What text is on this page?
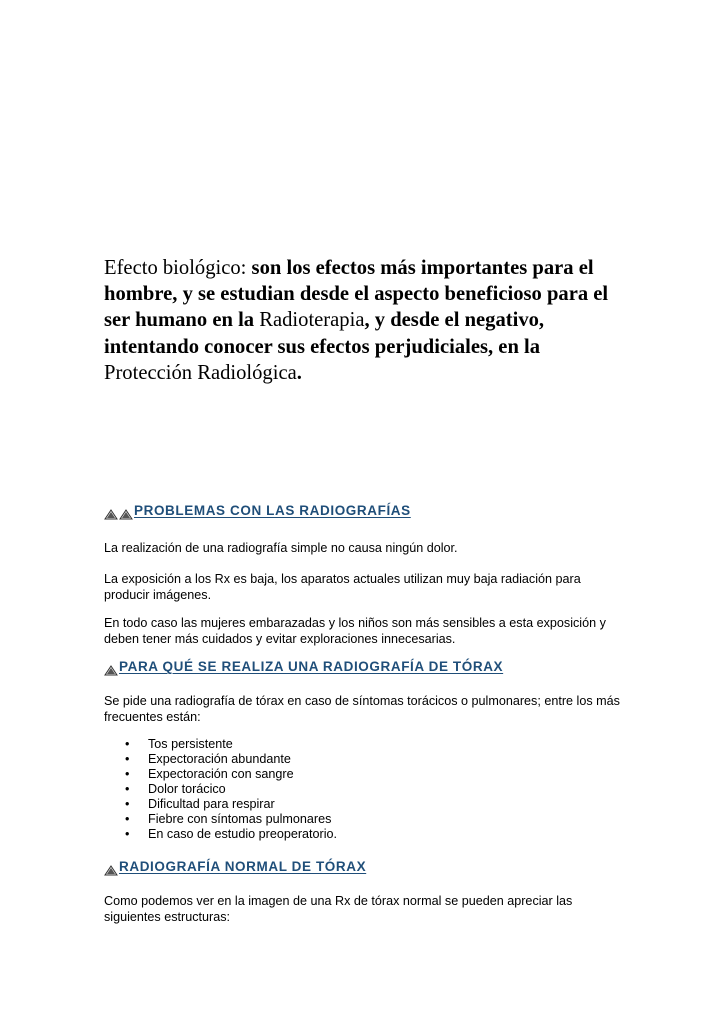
Efecto biológico: son los efectos más importantes para el hombre, y se estudian desde el aspecto beneficioso para el ser humano en la Radioterapia, y desde el negativo, intentando conocer sus efectos perjudiciales, en la Protección Radiológica.
PROBLEMAS CON LAS RADIOGRAFÍAS
La realización de una radiografía simple no causa ningún dolor.
La exposición a los Rx es baja, los aparatos actuales utilizan muy baja radiación para producir imágenes.
En todo caso las mujeres embarazadas y los niños son más sensibles a esta exposición y deben tener más cuidados y evitar exploraciones innecesarias.
PARA QUÉ SE REALIZA UNA RADIOGRAFÍA DE TÓRAX
Se pide una radiografía de tórax en caso de síntomas torácicos o pulmonares; entre los más frecuentes están:
• Tos persistente
• Expectoración abundante
• Expectoración con sangre
• Dolor torácico
• Dificultad para respirar
• Fiebre con síntomas pulmonares
• En caso de estudio preoperatorio.
RADIOGRAFÍA NORMAL DE TÓRAX
Como podemos ver en la imagen de una Rx de tórax normal se pueden apreciar las siguientes estructuras:
